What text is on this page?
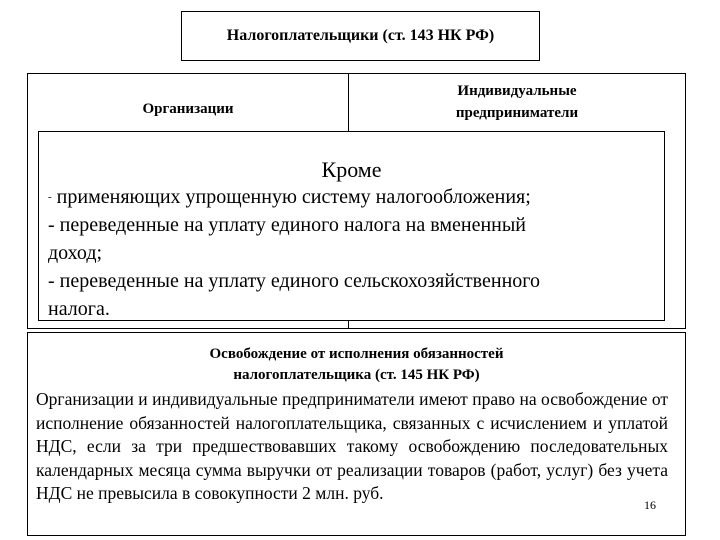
Налогоплательщики (ст. 143 НК РФ)
Организации
Индивидуальные
предприниматели
Кроме
- применяющих упрощенную систему налогообложения;
- переведенные на уплату единого налога на вмененный
доход;
- переведенные на уплату единого сельскохозяйственного
налога.
Освобождение от исполнения обязанностей
налогоплательщика (ст. 145 НК РФ)
Организации и индивидуальные предприниматели имеют право на освобождение от исполнение обязанностей налогоплательщика, связанных с исчислением и уплатой НДС, если за три предшествовавших такому освобождению последовательных календарных месяца сумма выручки от реализации товаров (работ, услуг) без учета НДС не превысила в совокупности 2 млн. руб.
16
